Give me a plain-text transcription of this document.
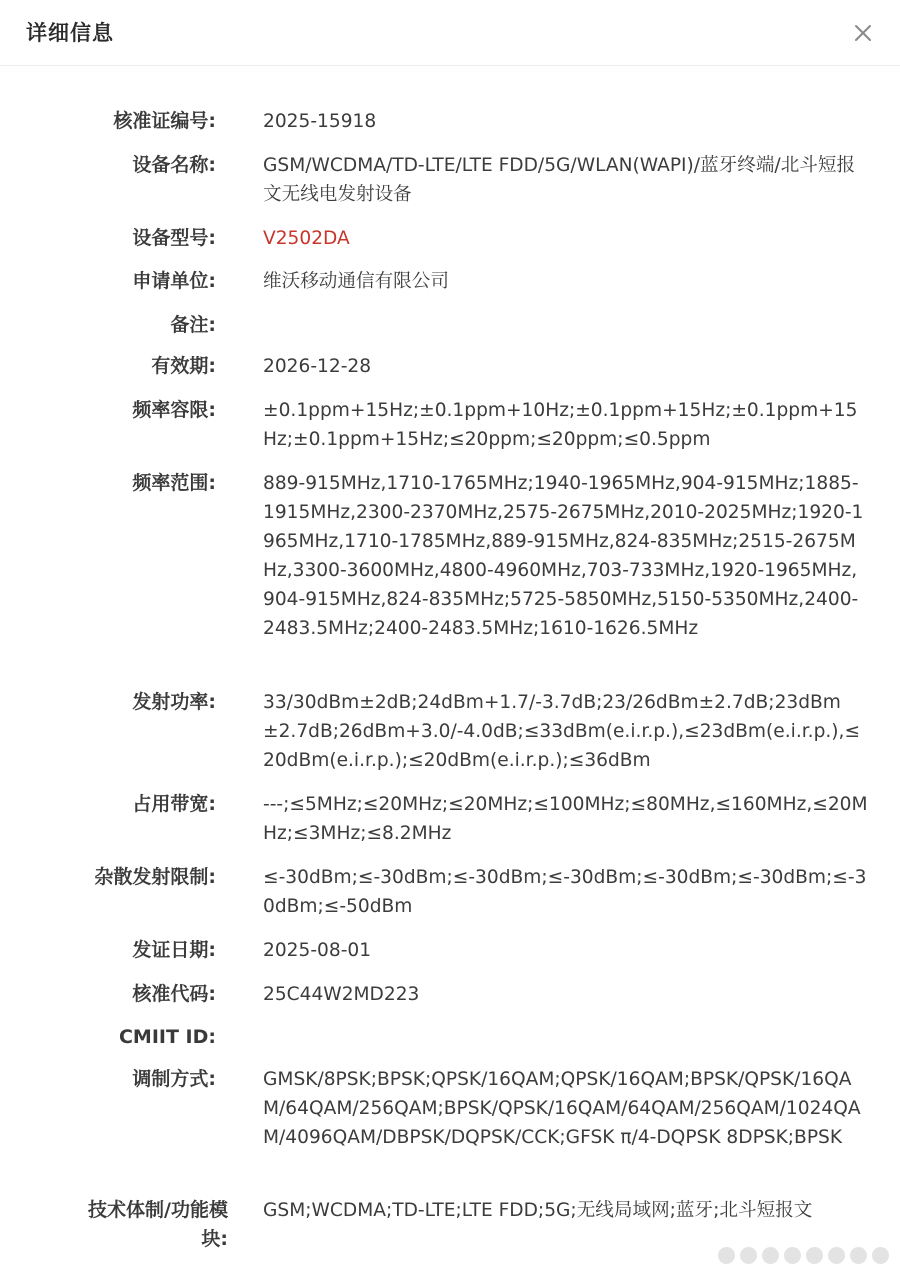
详细信息
核准证编号:	2025-15918
设备名称:	GSM/WCDMA/TD-LTE/LTE FDD/5G/WLAN(WAPI)/蓝牙终端/北斗短报文无线电发射设备
设备型号:	V2502DA
申请单位:	维沃移动通信有限公司
备注:
有效期:	2026-12-28
频率容限:	±0.1ppm+15Hz;±0.1ppm+10Hz;±0.1ppm+15Hz;±0.1ppm+15Hz;±0.1ppm+15Hz;≤20ppm;≤20ppm;≤0.5ppm
频率范围:	889-915MHz,1710-1765MHz;1940-1965MHz,904-915MHz;1885-1915MHz,2300-2370MHz,2575-2675MHz,2010-2025MHz;1920-1965MHz,1710-1785MHz,889-915MHz,824-835MHz;2515-2675MHz,3300-3600MHz,4800-4960MHz,703-733MHz,1920-1965MHz,904-915MHz,824-835MHz;5725-5850MHz,5150-5350MHz,2400-2483.5MHz;2400-2483.5MHz;1610-1626.5MHz
发射功率:	33/30dBm±2dB;24dBm+1.7/-3.7dB;23/26dBm±2.7dB;23dBm±2.7dB;26dBm+3.0/-4.0dB;≤33dBm(e.i.r.p.),≤23dBm(e.i.r.p.),≤20dBm(e.i.r.p.);≤20dBm(e.i.r.p.);≤36dBm
占用带宽:	---;≤5MHz;≤20MHz;≤20MHz;≤100MHz;≤80MHz,≤160MHz,≤20MHz;≤3MHz;≤8.2MHz
杂散发射限制:	≤-30dBm;≤-30dBm;≤-30dBm;≤-30dBm;≤-30dBm;≤-30dBm;≤-30dBm;≤-50dBm
发证日期:	2025-08-01
核准代码:	25C44W2MD223
CMIIT ID:
调制方式:	GMSK/8PSK;BPSK;QPSK/16QAM;QPSK/16QAM;BPSK/QPSK/16QAM/64QAM/256QAM;BPSK/QPSK/16QAM/64QAM/256QAM/1024QAM/4096QAM/DBPSK/DQPSK/CCK;GFSK π/4-DQPSK 8DPSK;BPSK
技术体制/功能模块:
GSM;WCDMA;TD-LTE;LTE FDD;5G;无线局域网;蓝牙;北斗短报文
